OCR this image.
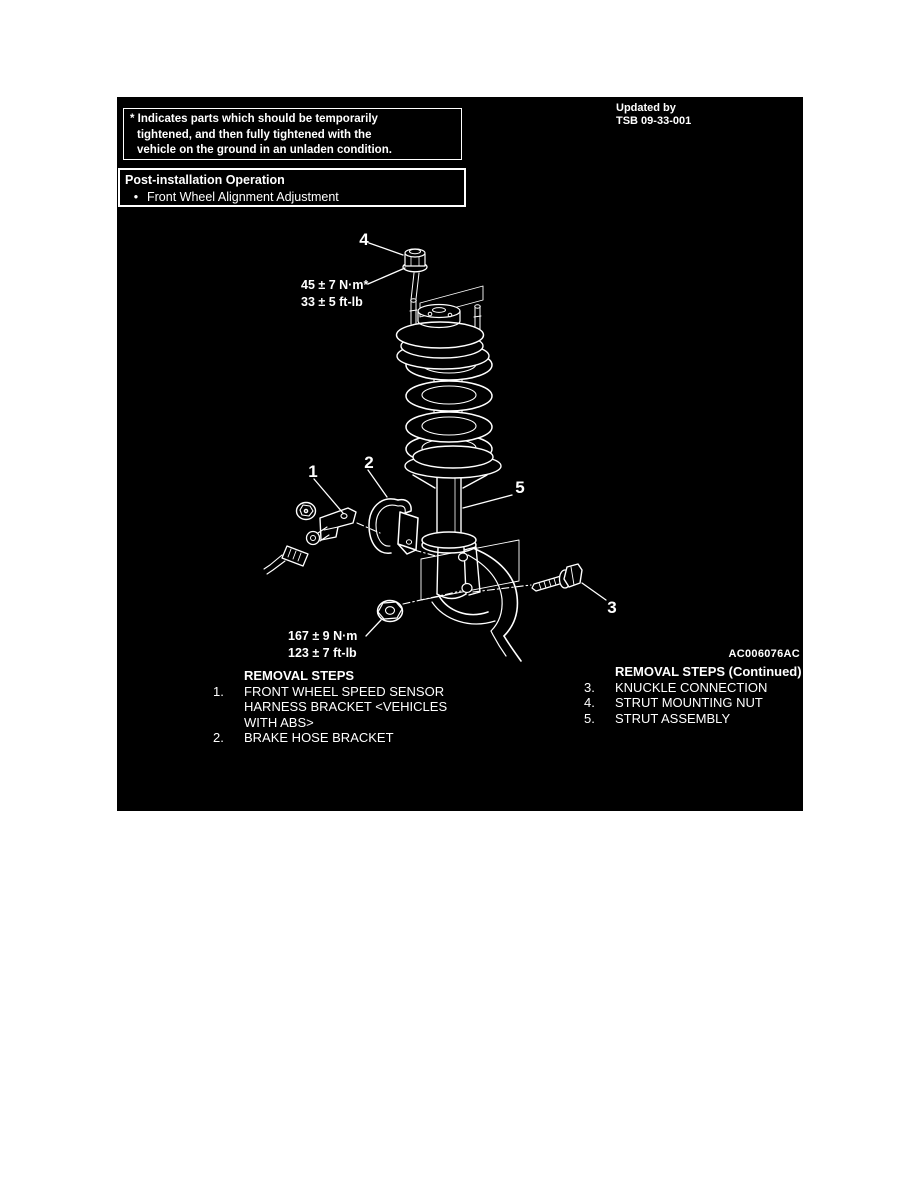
* Indicates parts which should be temporarily
tightened, and then fully tightened with the
vehicle on the ground in an unladen condition.
Post-installation Operation
• Front Wheel Alignment Adjustment
Updated by
TSB 09-33-001
4
1	2
5
3
45 ± 7 N·m*
33 ± 5 ft-lb
167 ± 9 N·m
123 ± 7 ft-lb	AC006076AC
REMOVAL STEPS
1.	FRONT WHEEL SPEED SENSOR HARNESS BRACKET <VEHICLES WITH ABS>
2.	BRAKE HOSE BRACKET
REMOVAL STEPS (Continued)
3.	KNUCKLE CONNECTION
4.	STRUT MOUNTING NUT
5.	STRUT ASSEMBLY
